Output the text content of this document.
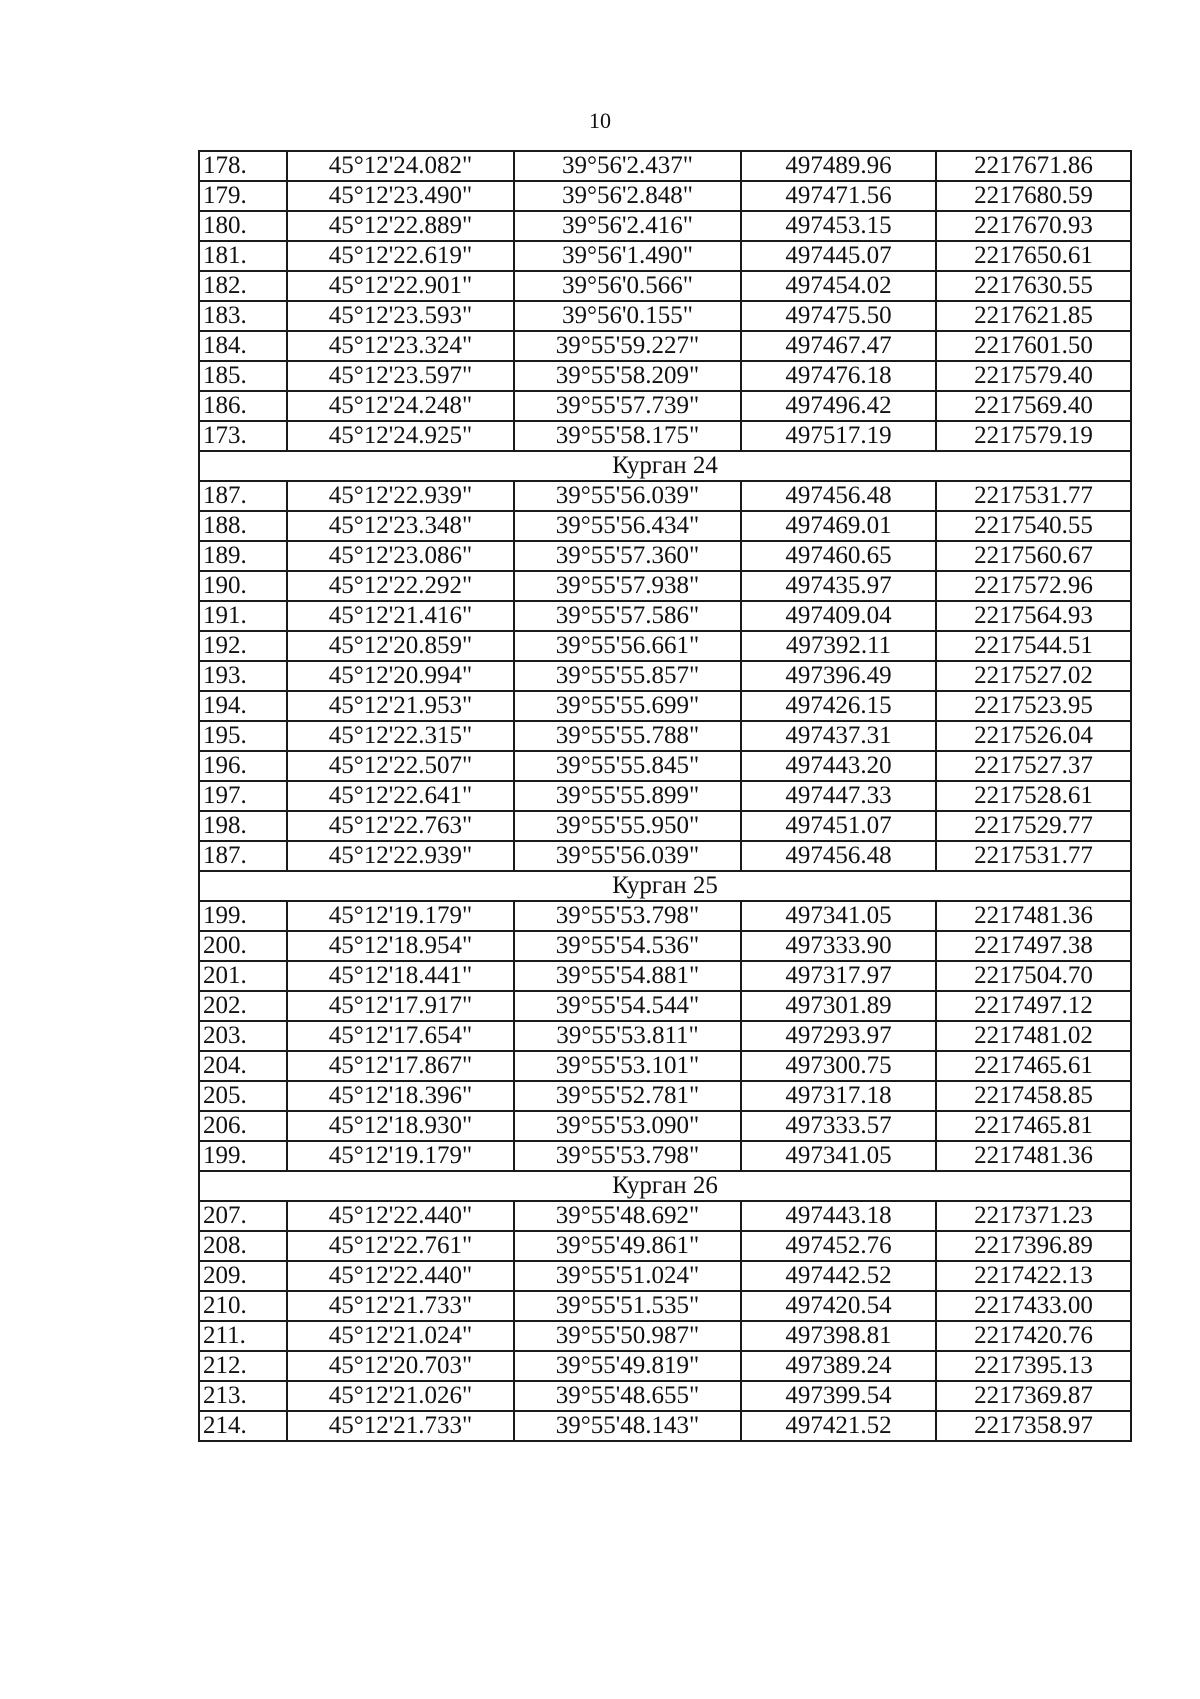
10
178.	45°12'24.082"	39°56'2.437"	497489.96	2217671.86
179.	45°12'23.490"	39°56'2.848"	497471.56	2217680.59
180.	45°12'22.889"	39°56'2.416"	497453.15	2217670.93
181.	45°12'22.619"	39°56'1.490"	497445.07	2217650.61
182.	45°12'22.901"	39°56'0.566"	497454.02	2217630.55
183.	45°12'23.593"	39°56'0.155"	497475.50	2217621.85
184.	45°12'23.324"	39°55'59.227"	497467.47	2217601.50
185.	45°12'23.597"	39°55'58.209"	497476.18	2217579.40
186.	45°12'24.248"	39°55'57.739"	497496.42	2217569.40
173.	45°12'24.925"	39°55'58.175"	497517.19	2217579.19
Курган 24				
187.	45°12'22.939"	39°55'56.039"	497456.48	2217531.77
188.	45°12'23.348"	39°55'56.434"	497469.01	2217540.55
189.	45°12'23.086"	39°55'57.360"	497460.65	2217560.67
190.	45°12'22.292"	39°55'57.938"	497435.97	2217572.96
191.	45°12'21.416"	39°55'57.586"	497409.04	2217564.93
192.	45°12'20.859"	39°55'56.661"	497392.11	2217544.51
193.	45°12'20.994"	39°55'55.857"	497396.49	2217527.02
194.	45°12'21.953"	39°55'55.699"	497426.15	2217523.95
195.	45°12'22.315"	39°55'55.788"	497437.31	2217526.04
196.	45°12'22.507"	39°55'55.845"	497443.20	2217527.37
197.	45°12'22.641"	39°55'55.899"	497447.33	2217528.61
198.	45°12'22.763"	39°55'55.950"	497451.07	2217529.77
187.	45°12'22.939"	39°55'56.039"	497456.48	2217531.77
Курган 25				
199.	45°12'19.179"	39°55'53.798"	497341.05	2217481.36
200.	45°12'18.954"	39°55'54.536"	497333.90	2217497.38
201.	45°12'18.441"	39°55'54.881"	497317.97	2217504.70
202.	45°12'17.917"	39°55'54.544"	497301.89	2217497.12
203.	45°12'17.654"	39°55'53.811"	497293.97	2217481.02
204.	45°12'17.867"	39°55'53.101"	497300.75	2217465.61
205.	45°12'18.396"	39°55'52.781"	497317.18	2217458.85
206.	45°12'18.930"	39°55'53.090"	497333.57	2217465.81
199.	45°12'19.179"	39°55'53.798"	497341.05	2217481.36
Курган 26				
207.	45°12'22.440"	39°55'48.692"	497443.18	2217371.23
208.	45°12'22.761"	39°55'49.861"	497452.76	2217396.89
209.	45°12'22.440"	39°55'51.024"	497442.52	2217422.13
210.	45°12'21.733"	39°55'51.535"	497420.54	2217433.00
211.	45°12'21.024"	39°55'50.987"	497398.81	2217420.76
212.	45°12'20.703"	39°55'49.819"	497389.24	2217395.13
213.	45°12'21.026"	39°55'48.655"	497399.54	2217369.87
214.	45°12'21.733"	39°55'48.143"	497421.52	2217358.97
